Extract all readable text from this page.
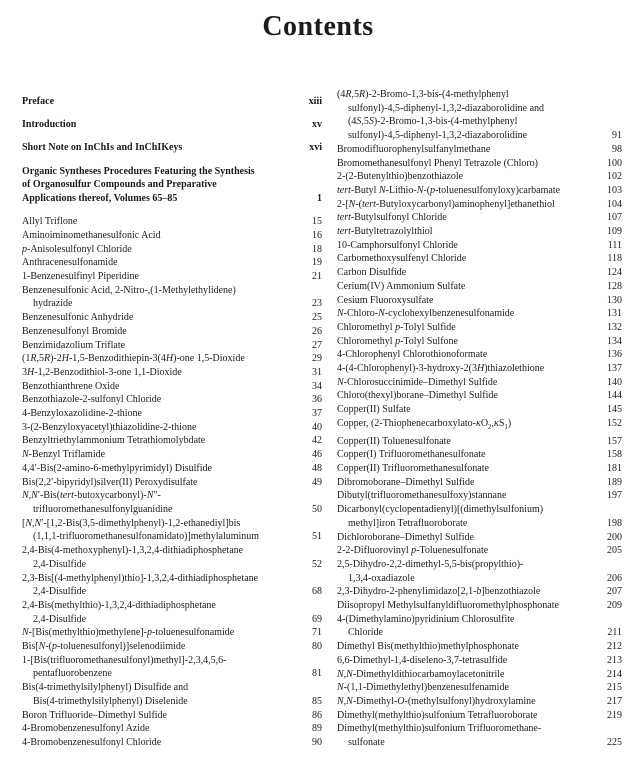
Contents
Preface	xiii
Introduction	xv
Short Note on InChIs and InChIKeys	xvi
Organic Syntheses Procedures Featuring the Synthesis
of Organosulfur Compounds and Preparative
Applications thereof, Volumes 65–85	1
Allyl Triflone	15
Aminoiminomethanesulfonic Acid	16
p-Anisolesulfonyl Chloride	18
Anthracenesulfonamide	19
1-Benzenesulfinyl Piperidine	21
Benzenesulfonic Acid, 2-Nitro-,(1-Methylethylidene)
hydrazide	23
Benzenesulfonic Anhydride	25
Benzenesulfonyl Bromide	26
Benzimidazolium Triflate	27
(1R,5R)-2H-1,5-Benzodithiepin-3(4H)-one 1,5-Dioxide	29
3H-1,2-Benzodithiol-3-one 1,1-Dioxide	31
Benzothianthrene Oxide	34
Benzothiazole-2-sulfonyl Chloride	36
4-Benzyloxazolidine-2-thione	37
3-(2-Benzyloxyacetyl)thiazolidine-2-thione	40
Benzyltriethylammonium Tetrathiomolybdate	42
N-Benzyl Triflamide	46
4,4′-Bis(2-amino-6-methylpyrimidyl) Disulfide	48
Bis(2,2′-bipyridyl)silver(II) Peroxydisulfate	49
N,N′-Bis(tert-butoxycarbonyl)-N″-
trifluoromethanesulfonylguanidine	50
[N,N′-[1,2-Bis(3,5-dimethylphenyl)-1,2-ethanediyl]bis
(1,1,1-trifluoromethanesulfonamidato)]methylaluminum	51
2,4-Bis(4-methoxyphenyl)-1,3,2,4-dithiadiphosphetane
2,4-Disulfide	52
2,3-Bis[(4-methylphenyl)thio]-1,3,2,4-dithiadiphosphetane
2,4-Disulfide	68
2,4-Bis(methylthio)-1,3,2,4-dithiadiphosphetane
2,4-Disulfide	69
N-[Bis(methylthio)methylene]-p-toluenesulfonamide	71
Bis[N-(p-toluenesulfonyl)]selenodiimide	80
1-[Bis(trifluoromethanesulfonyl)methyl]-2,3,4,5,6-
pentafluorobenzene	81
Bis(4-trimethylsilylphenyl) Disulfide and
Bis(4-trimethylsilylphenyl) Diselenide	85
Boron Trifluoride–Dimethyl Sulfide	86
4-Bromobenzenesulfonyl Azide	89
4-Bromobenzenesulfonyl Chloride	90
(4R,5R)-2-Bromo-1,3-bis-(4-methylphenyl
sulfonyl)-4,5-diphenyl-1,3,2-diazaborolidine and
(4S,5S)-2-Bromo-1,3-bis-(4-methylphenyl
sulfonyl)-4,5-diphenyl-1,3,2-diazaborolidine	91
Bromodifluorophenylsulfanylmethane	98
Bromomethanesulfonyl Phenyl Tetrazole (Chloro)	100
2-(2-Butenylthio)benzothiazole	102
tert-Butyl N-Lithio-N-(p-toluenesulfonyloxy)carbamate	103
2-[N-(tert-Butyloxycarbonyl)aminophenyl]ethanethiol	104
tert-Butylsulfonyl Chloride	107
tert-Butyltetrazolylthiol	109
10-Camphorsulfonyl Chloride	111
Carbomethoxysulfenyl Chloride	118
Carbon Disulfide	124
Cerium(IV) Ammonium Sulfate	128
Cesium Fluoroxysulfate	130
N-Chloro-N-cyclohexylbenzenesulfonamide	131
Chloromethyl p-Tolyl Sulfide	132
Chloromethyl p-Tolyl Sulfone	134
4-Chlorophenyl Chlorothionoformate	136
4-(4-Chlorophenyl)-3-hydroxy-2(3H)thiazolethione	137
N-Chlorosuccinimide–Dimethyl Sulfide	140
Chloro(thexyl)borane–Dimethyl Sulfide	144
Copper(II) Sulfate	145
Copper, $(2-Thiophenecarboxylato-\kappa O_2,\kappa S_1)$	152
Copper(II) Toluenesulfonate	157
Copper(I) Trifluoromethanesulfonate	158
Copper(II) Trifluoromethanesulfonate	181
Dibromoborane–Dimethyl Sulfide	189
Dibutyl(trifluoromethanesulfoxy)stannane	197
Dicarbonyl(cyclopentadienyl)[(dimethylsulfonium)
methyl]iron Tetrafluoroborate	198
Dichloroborane–Dimethyl Sulfide	200
2-2-Difluorovinyl p-Toluenesulfonate	205
2,5-Dihydro-2,2-dimethyl-5,5-bis(propylthio)-
1,3,4-oxadiazole	206
2,3-Dihydro-2-phenylimidazo[2,1-b]benzothiazole	207
Diisopropyl Methylsulfanyldifluoromethylphosphonate	209
4-(Dimethylamino)pyridinium Chlorosulfite
Chloride	211
Dimethyl Bis(methylthio)methylphosphonate	212
6,6-Dimethyl-1,4-diseleno-3,7-tetrasulfide	213
N,N-Dimethyldithiocarbamoylacetonitrile	214
N-(1,1-Dimethylethyl)benzenesulfenamide	215
N,N-Dimethyl-O-(methylsulfonyl)hydroxylamine	217
Dimethyl(methylthio)sulfonium Tetrafluoroborate	219
Dimethyl(methylthio)sulfonium Trifluoromethane-
sulfonate	225
